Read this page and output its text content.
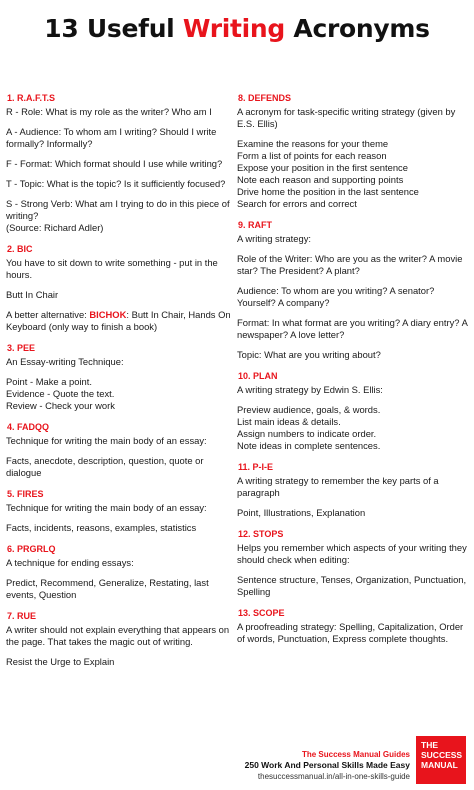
13 Useful Writing Acronyms
1. R.A.F.T.S
R - Role: What is my role as the writer? Who am I
A - Audience: To whom am I writing? Should I write formally? Informally?
F - Format: Which format should I use while writing?
T - Topic: What is the topic? Is it sufficiently focused?
S - Strong Verb: What am I trying to do in this piece of writing?
(Source: Richard Adler)
2. BIC
You have to sit down to write something - put in the hours.
Butt In Chair
A better alternative: BICHOK: Butt In Chair, Hands On Keyboard (only way to finish a book)
3. PEE
An Essay-writing Technique:
Point - Make a point.
Evidence - Quote the text.
Review - Check your work
4. FADQQ
Technique for writing the main body of an essay:
Facts, anecdote, description, question, quote or dialogue
5. FIRES
Technique for writing the main body of an essay:
Facts, incidents, reasons, examples, statistics
6. PRGRLQ
A technique for ending essays:
Predict, Recommend, Generalize, Restating, last events, Question
7. RUE
A writer should not explain everything that appears on the page. That takes the magic out of writing.
Resist the Urge to Explain
8. DEFENDS
A acronym for task-specific writing strategy (given by E.S. Ellis)
Examine the reasons for your theme
Form a list of points for each reason
Expose your position in the first sentence
Note each reason and supporting points
Drive home the position in the last sentence
Search for errors and correct
9. RAFT
A writing strategy:
Role of the Writer: Who are you as the writer? A movie star? The President? A plant?
Audience: To whom are you writing? A senator? Yourself? A company?
Format: In what format are you writing? A diary entry? A newspaper? A love letter?
Topic: What are you writing about?
10. PLAN
A writing strategy by Edwin S. Ellis:
Preview audience, goals, & words.
List main ideas & details.
Assign numbers to indicate order.
Note ideas in complete sentences.
11. P-I-E
A writing strategy to remember the key parts of a paragraph
Point, Illustrations, Explanation
12. STOPS
Helps you remember which aspects of your writing they should check when editing:
Sentence structure, Tenses, Organization, Punctuation, Spelling
13. SCOPE
A proofreading strategy: Spelling, Capitalization, Order of words, Punctuation, Express complete thoughts.
The Success Manual Guides
250 Work And Personal Skills Made Easy
thesuccessmanual.in/all-in-one-skills-guide
THE
SUCCESS
MANUAL
